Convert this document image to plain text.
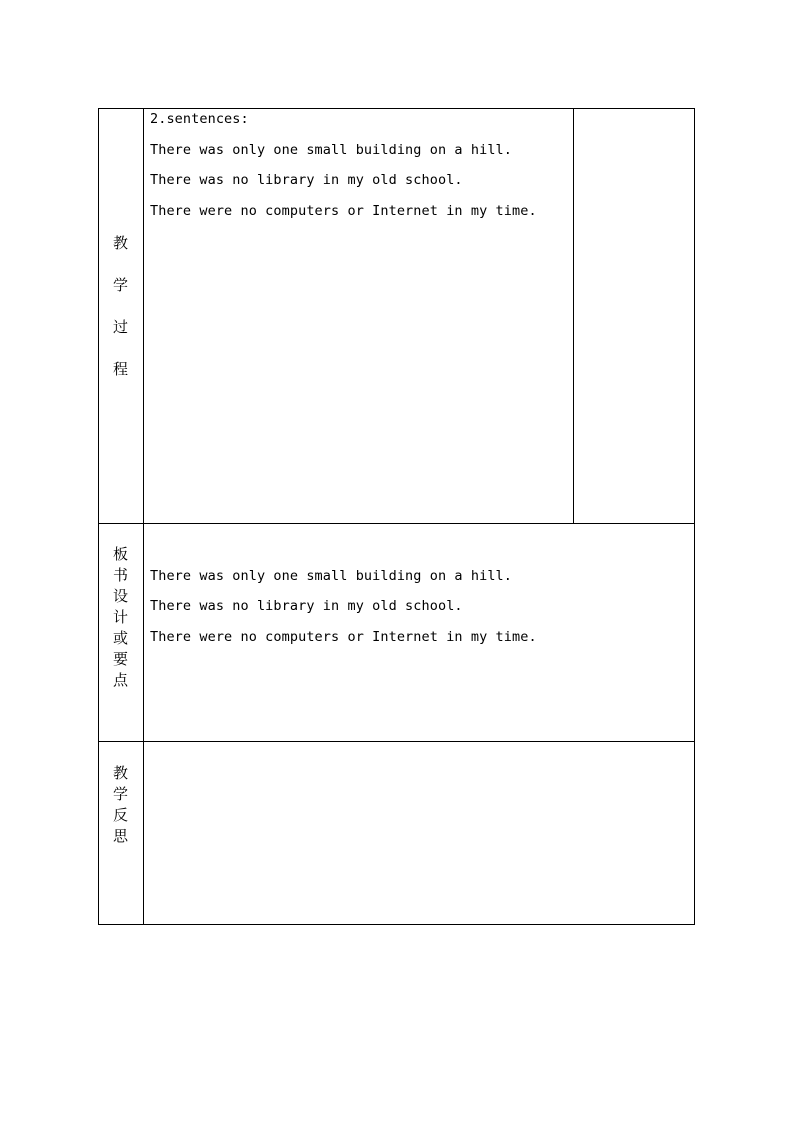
教
学
过
程
2.sentences:
There was only one small building on a hill.
There was no library in my old school.
There were no computers or Internet in my time.
板
书
设
计
或
要
点
There was only one small building on a hill.
There was no library in my old school.
There were no computers or Internet in my time.
教
学
反
思
